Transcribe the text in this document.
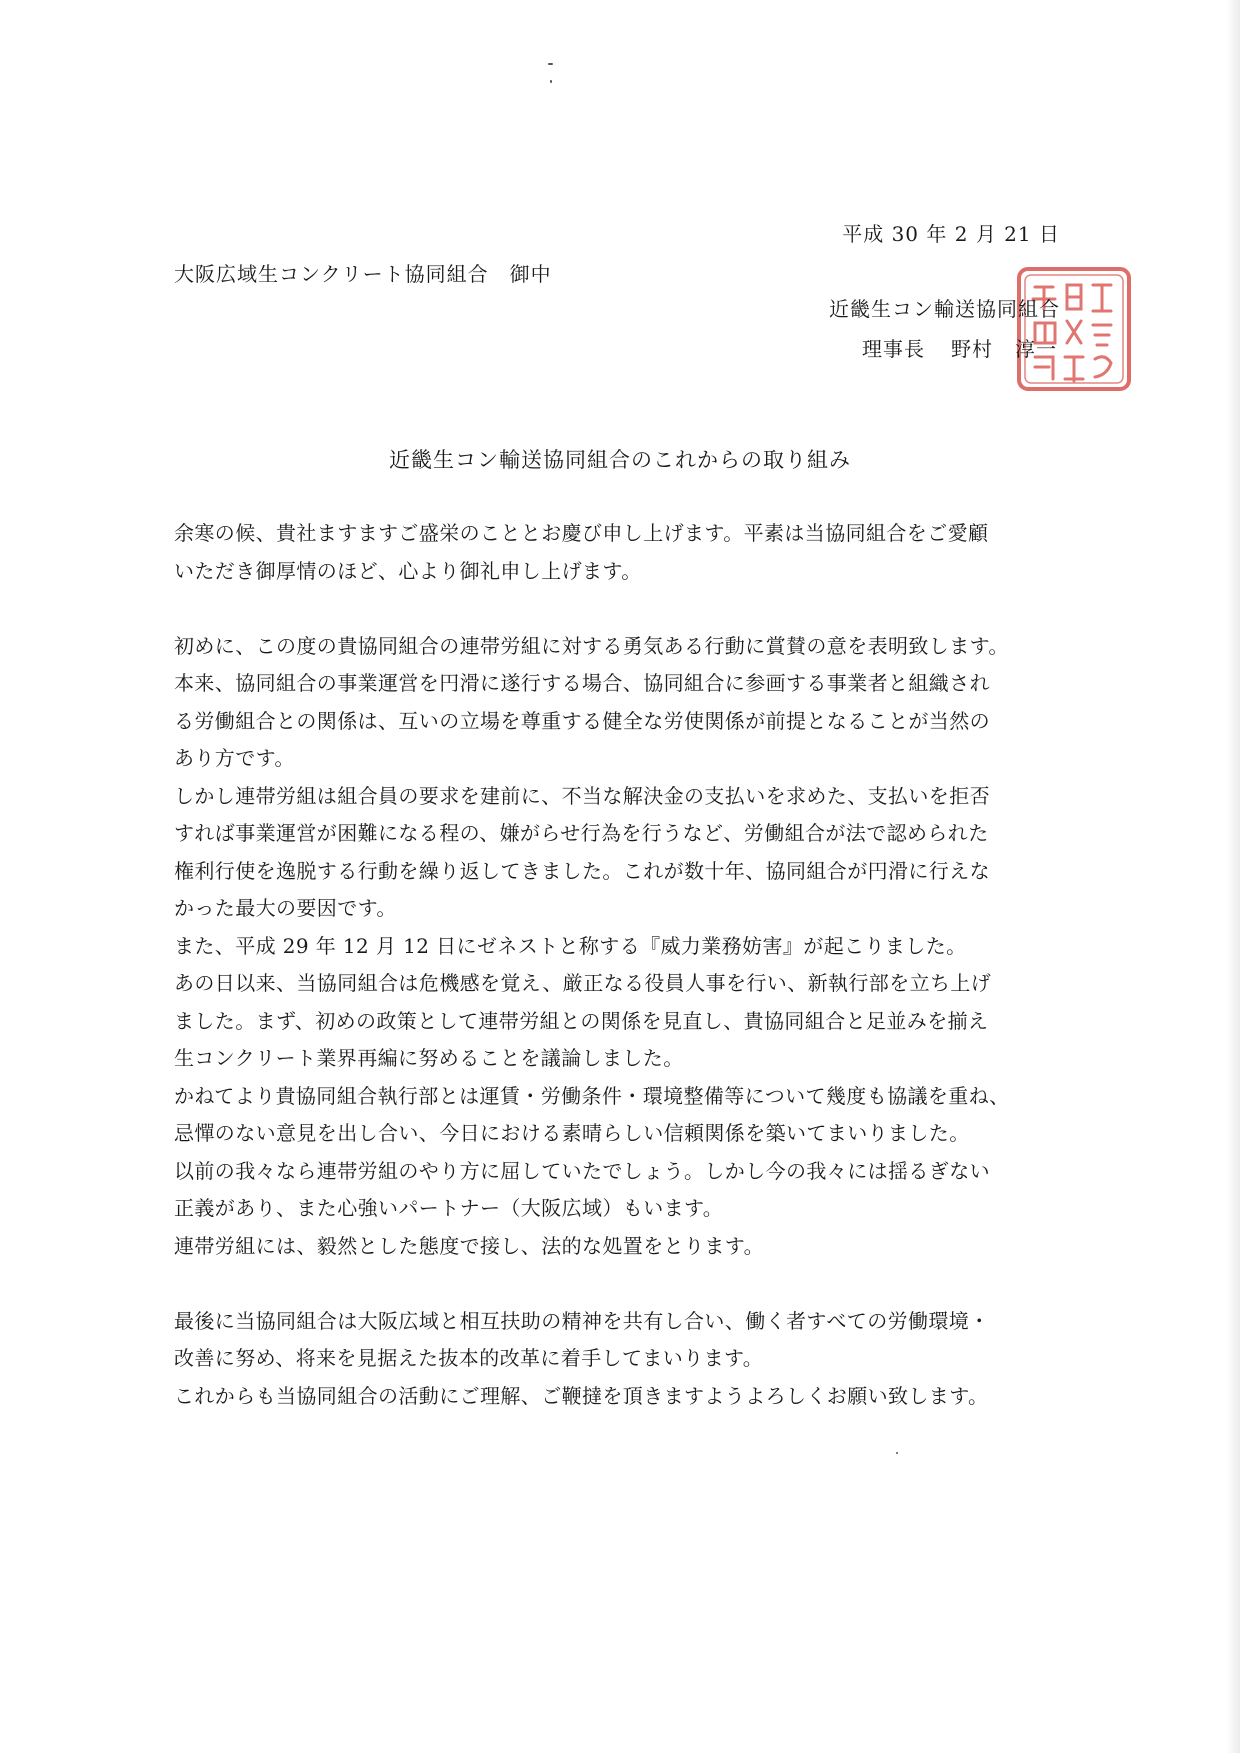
平成 30 年 2 月 21 日
大阪広域生コンクリート協同組合　御中
近畿生コン輸送協同組合
理事長 野村 淳一
近畿生コン輸送協同組合のこれからの取り組み

余寒の候、貴社ますますご盛栄のこととお慶び申し上げます。平素は当協同組合をご愛顧

いただき御厚情のほど、心より御礼申し上げます。

初めに、この度の貴協同組合の連帯労組に対する勇気ある行動に賞賛の意を表明致します。

本来、協同組合の事業運営を円滑に遂行する場合、協同組合に参画する事業者と組織され

る労働組合との関係は、互いの立場を尊重する健全な労使関係が前提となることが当然の

あり方です。

しかし連帯労組は組合員の要求を建前に、不当な解決金の支払いを求めた、支払いを拒否

すれば事業運営が困難になる程の、嫌がらせ行為を行うなど、労働組合が法で認められた

権利行使を逸脱する行動を繰り返してきました。これが数十年、協同組合が円滑に行えな

かった最大の要因です。

また、平成 29 年 12 月 12 日にゼネストと称する『威力業務妨害』が起こりました。

あの日以来、当協同組合は危機感を覚え、厳正なる役員人事を行い、新執行部を立ち上げ

ました。まず、初めの政策として連帯労組との関係を見直し、貴協同組合と足並みを揃え

生コンクリート業界再編に努めることを議論しました。

かねてより貴協同組合執行部とは運賃・労働条件・環境整備等について幾度も協議を重ね、

忌憚のない意見を出し合い、今日における素晴らしい信頼関係を築いてまいりました。

以前の我々なら連帯労組のやり方に屈していたでしょう。しかし今の我々には揺るぎない

正義があり、また心強いパートナー（大阪広域）もいます。

連帯労組には、毅然とした態度で接し、法的な処置をとります。

最後に当協同組合は大阪広域と相互扶助の精神を共有し合い、働く者すべての労働環境・

改善に努め、将来を見据えた抜本的改革に着手してまいります。

これからも当協同組合の活動にご理解、ご鞭撻を頂きますようよろしくお願い致します。
